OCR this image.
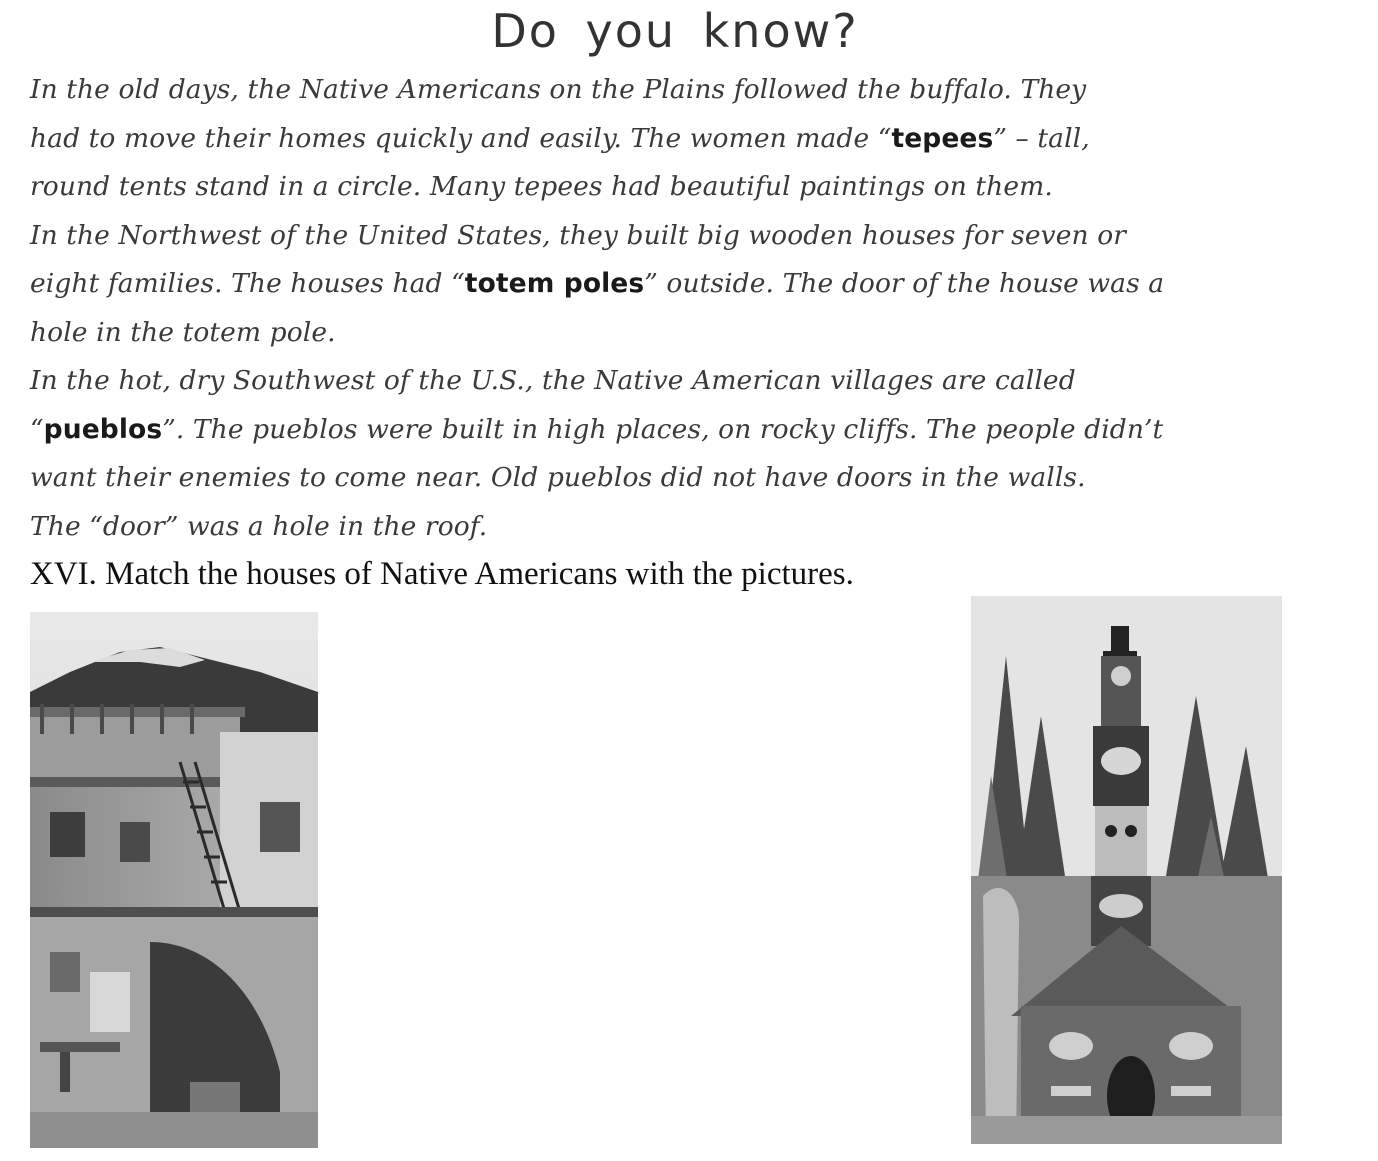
Do you know?
In the old days, the Native Americans on the Plains followed the buffalo. They
had to move their homes quickly and easily. The women made “tepees” – tall,
round tents stand in a circle. Many tepees had beautiful paintings on them.
In the Northwest of the United States, they built big wooden houses for seven or
eight families. The houses had “totem poles” outside. The door of the house was a
hole in the totem pole.
In the hot, dry Southwest of the U.S., the Native American villages are called
“pueblos”. The pueblos were built in high places, on rocky cliffs. The people didn’t
want their enemies to come near. Old pueblos did not have doors in the walls.
The “door” was a hole in the roof.
XVI. Match the houses of Native Americans with the pictures.
